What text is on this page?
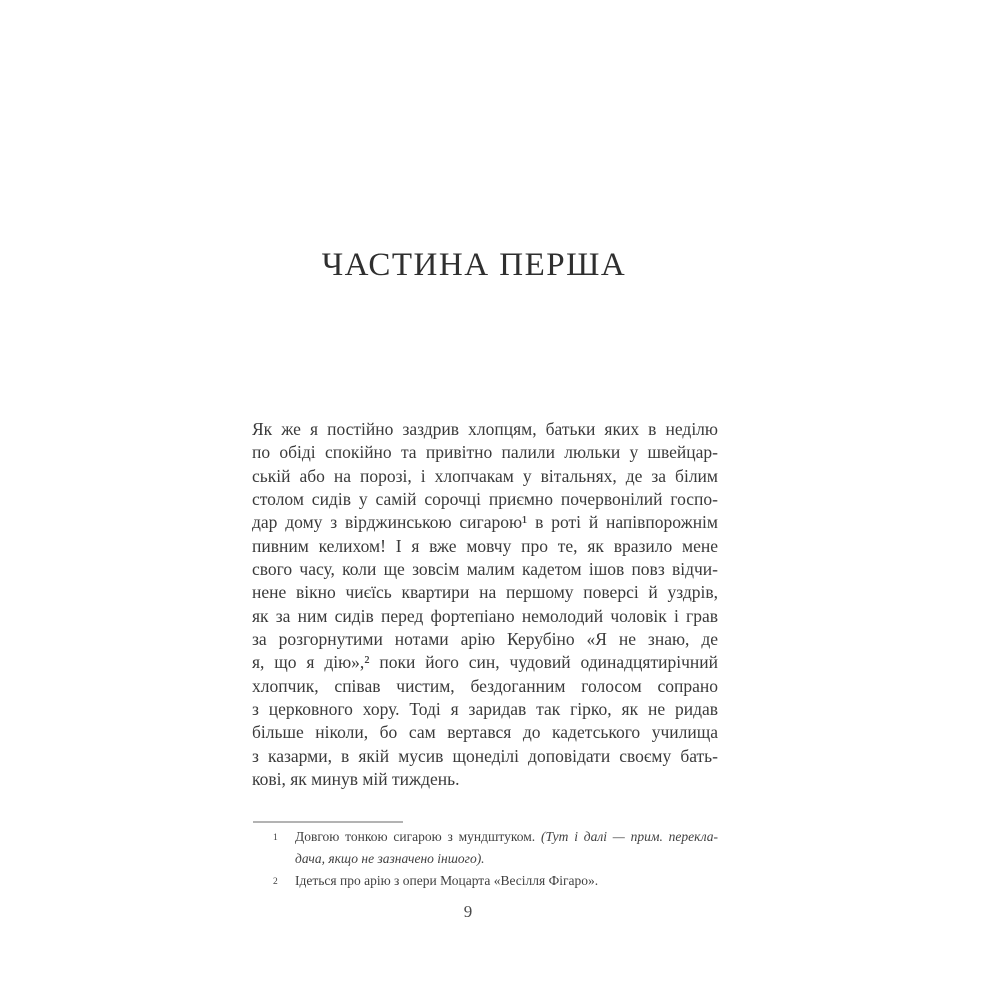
ЧАСТИНА ПЕРША
Як же я постійно заздрив хлопцям, батьки яких в неділю
по обіді спокійно та привітно палили люльки у швейцар-
ській або на порозі, і хлопчакам у вітальнях, де за білим
столом сидів у самій сорочці приємно почервонілий госпо-
дар дому з вірджинською сигарою¹ в роті й напівпорожнім
пивним келихом! І я вже мовчу про те, як вразило мене
свого часу, коли ще зовсім малим кадетом ішов повз відчи-
нене вікно чиєїсь квартири на першому поверсі й уздрів,
як за ним сидів перед фортепіано немолодий чоловік і грав
за розгорнутими нотами арію Керубіно «Я не знаю, де
я, що я дію»,² поки його син, чудовий одинадцятирічний
хлопчик, співав чистим, бездоганним голосом сопрано
з церковного хору. Тоді я заридав так гірко, як не ридав
більше ніколи, бо сам вертався до кадетського училища
з казарми, в якій мусив щонеділі доповідати своєму бать-
кові, як минув мій тиждень.
1 Довгою тонкою сигарою з мундштуком. (Тут і далі — прим. перекла-
дача, якщо не зазначено іншого).
2 Ідеться про арію з опери Моцарта «Весілля Фігаро».
9
